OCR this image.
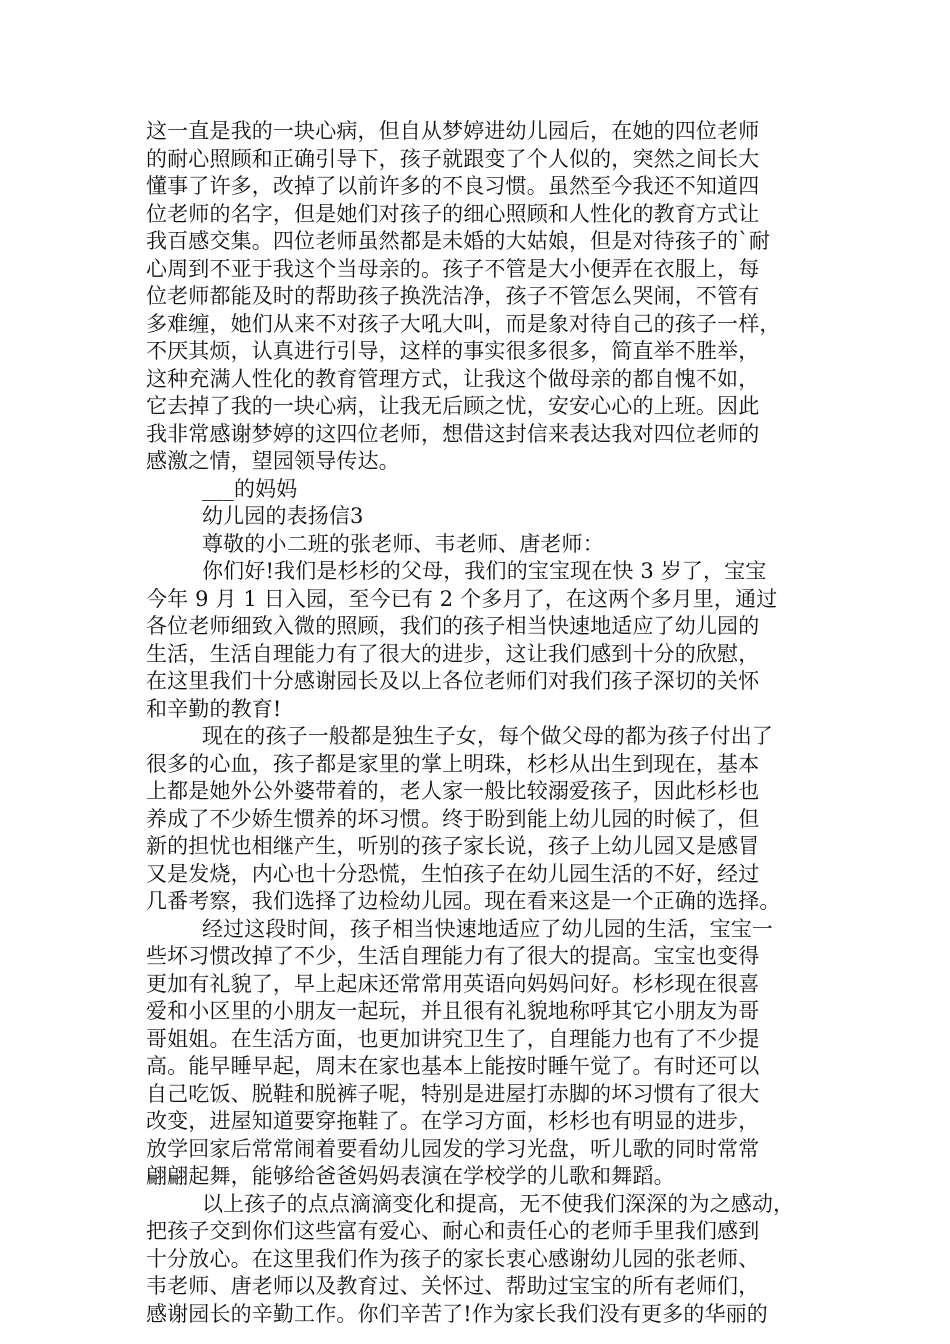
这一直是我的一块心病，但自从梦婷进幼儿园后，在她的四位老师
的耐心照顾和正确引导下，孩子就跟变了个人似的，突然之间长大
懂事了许多，改掉了以前许多的不良习惯。虽然至今我还不知道四
位老师的名字，但是她们对孩子的细心照顾和人性化的教育方式让
我百感交集。四位老师虽然都是未婚的大姑娘，但是对待孩子的`耐
心周到不亚于我这个当母亲的。孩子不管是大小便弄在衣服上，每
位老师都能及时的帮助孩子换洗洁净，孩子不管怎么哭闹，不管有
多难缠，她们从来不对孩子大吼大叫，而是象对待自己的孩子一样，
不厌其烦，认真进行引导，这样的事实很多很多，简直举不胜举，
这种充满人性化的教育管理方式，让我这个做母亲的都自愧不如，
它去掉了我的一块心病，让我无后顾之忧，安安心心的上班。因此
我非常感谢梦婷的这四位老师，想借这封信来表达我对四位老师的
感激之情，望园领导传达。
___的妈妈
幼儿园的表扬信3
尊敬的小二班的张老师、韦老师、唐老师：
你们好!我们是杉杉的父母，我们的宝宝现在快 3 岁了，宝宝
今年 9 月 1 日入园，至今已有 2 个多月了，在这两个多月里，通过
各位老师细致入微的照顾，我们的孩子相当快速地适应了幼儿园的
生活，生活自理能力有了很大的进步，这让我们感到十分的欣慰，
在这里我们十分感谢园长及以上各位老师们对我们孩子深切的关怀
和辛勤的教育!
现在的孩子一般都是独生子女，每个做父母的都为孩子付出了
很多的心血，孩子都是家里的掌上明珠，杉杉从出生到现在，基本
上都是她外公外婆带着的，老人家一般比较溺爱孩子，因此杉杉也
养成了不少娇生惯养的坏习惯。终于盼到能上幼儿园的时候了，但
新的担忧也相继产生，听别的孩子家长说，孩子上幼儿园又是感冒
又是发烧，内心也十分恐慌，生怕孩子在幼儿园生活的不好，经过
几番考察，我们选择了边检幼儿园。现在看来这是一个正确的选择。
经过这段时间，孩子相当快速地适应了幼儿园的生活，宝宝一
些坏习惯改掉了不少，生活自理能力有了很大的提高。宝宝也变得
更加有礼貌了，早上起床还常常用英语向妈妈问好。杉杉现在很喜
爱和小区里的小朋友一起玩，并且很有礼貌地称呼其它小朋友为哥
哥姐姐。在生活方面，也更加讲究卫生了，自理能力也有了不少提
高。能早睡早起，周末在家也基本上能按时睡午觉了。有时还可以
自己吃饭、脱鞋和脱裤子呢，特别是进屋打赤脚的坏习惯有了很大
改变，进屋知道要穿拖鞋了。在学习方面，杉杉也有明显的进步，
放学回家后常常闹着要看幼儿园发的学习光盘，听儿歌的同时常常
翩翩起舞，能够给爸爸妈妈表演在学校学的儿歌和舞蹈。
以上孩子的点点滴滴变化和提高，无不使我们深深的为之感动，
把孩子交到你们这些富有爱心、耐心和责任心的老师手里我们感到
十分放心。在这里我们作为孩子的家长衷心感谢幼儿园的张老师、
韦老师、唐老师以及教育过、关怀过、帮助过宝宝的所有老师们，
感谢园长的辛勤工作。你们辛苦了!作为家长我们没有更多的华丽的
